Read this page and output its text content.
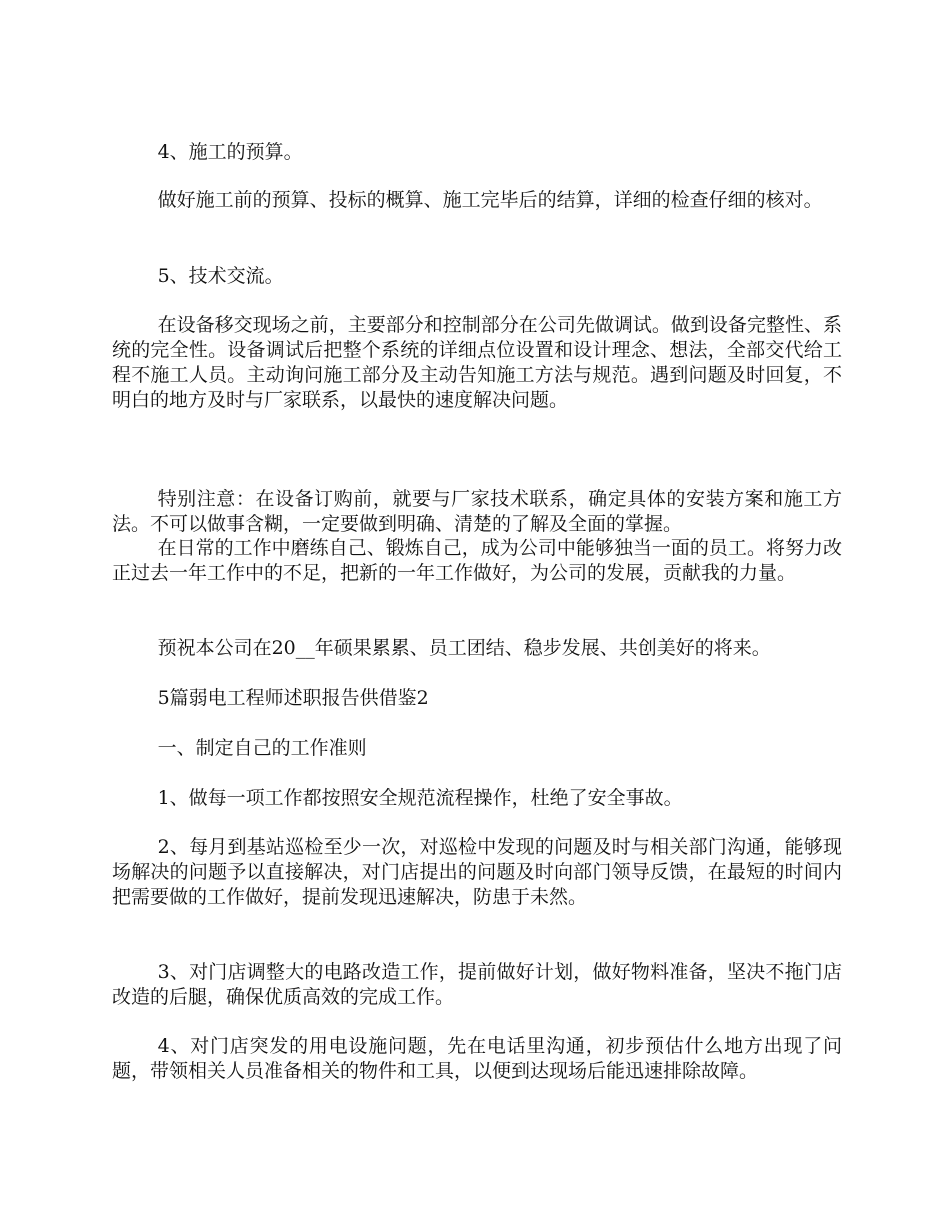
4、施工的预算。

做好施工前的预算、投标的概算、施工完毕后的结算，详细的检查仔细的核对。

5、技术交流。

在设备移交现场之前，主要部分和控制部分在公司先做调试。做到设备完整性、系统的完全性。设备调试后把整个系统的详细点位设置和设计理念、想法，全部交代给工程不施工人员。主动询问施工部分及主动告知施工方法与规范。遇到问题及时回复，不明白的地方及时与厂家联系，以最快的速度解决问题。

特别注意：在设备订购前，就要与厂家技术联系，确定具体的安装方案和施工方法。不可以做事含糊，一定要做到明确、清楚的了解及全面的掌握。

在日常的工作中磨练自己、锻炼自己，成为公司中能够独当一面的员工。将努力改正过去一年工作中的不足，把新的一年工作做好，为公司的发展，贡献我的力量。

预祝本公司在20__年硕果累累、员工团结、稳步发展、共创美好的将来。

5篇弱电工程师述职报告供借鉴2

一、制定自己的工作准则

1、做每一项工作都按照安全规范流程操作，杜绝了安全事故。

2、每月到基站巡检至少一次，对巡检中发现的问题及时与相关部门沟通，能够现场解决的问题予以直接解决，对门店提出的问题及时向部门领导反馈，在最短的时间内把需要做的工作做好，提前发现迅速解决，防患于未然。

3、对门店调整大的电路改造工作，提前做好计划，做好物料准备，坚决不拖门店改造的后腿，确保优质高效的完成工作。

4、对门店突发的用电设施问题，先在电话里沟通，初步预估什么地方出现了问题，带领相关人员准备相关的物件和工具，以便到达现场后能迅速排除故障。
